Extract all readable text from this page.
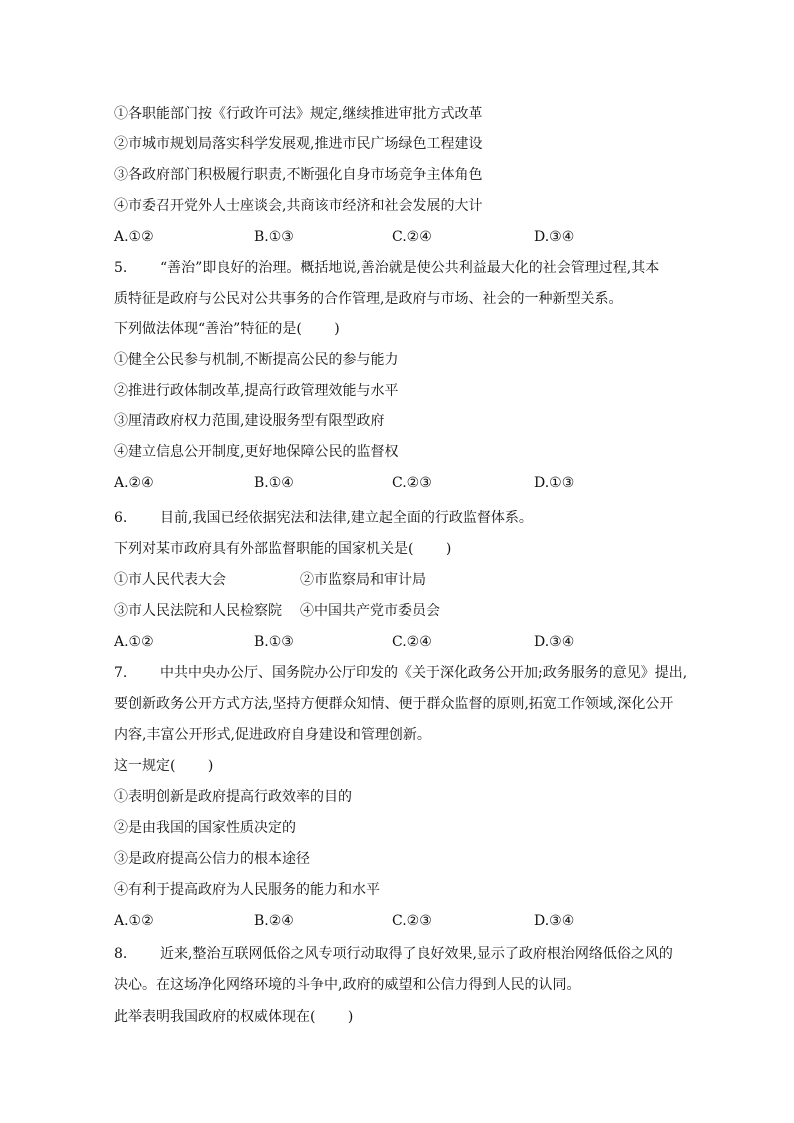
①各职能部门按《行政许可法》规定,继续推进审批方式改革
②市城市规划局落实科学发展观,推进市民广场绿色工程建设
③各政府部门积极履行职责,不断强化自身市场竞争主体角色
④市委召开党外人士座谈会,共商该市经济和社会发展的大计
A.①②	B.①③	C.②④	D.③④
5. “善治”即良好的治理。概括地说,善治就是使公共利益最大化的社会管理过程,其本
质特征是政府与公民对公共事务的合作管理,是政府与市场、社会的一种新型关系。
下列做法体现“善治”特征的是(　　 )
①健全公民参与机制,不断提高公民的参与能力
②推进行政体制改革,提高行政管理效能与水平
③厘清政府权力范围,建设服务型有限型政府
④建立信息公开制度,更好地保障公民的监督权
A.②④	B.①④	C.②③	D.①③
6. 目前,我国已经依据宪法和法律,建立起全面的行政监督体系。
下列对某市政府具有外部监督职能的国家机关是(　　 )
①市人民代表大会	②市监察局和审计局
③市人民法院和人民检察院 ④中国共产党市委员会
A.①②	B.①③	C.②④	D.③④
7. 中共中央办公厅、国务院办公厅印发的《关于深化政务公开加;政务服务的意见》提出,
要创新政务公开方式方法,坚持方便群众知情、便于群众监督的原则,拓宽工作领域,深化公开
内容,丰富公开形式,促进政府自身建设和管理创新。
这一规定(　　 )
①表明创新是政府提高行政效率的目的
②是由我国的国家性质决定的
③是政府提高公信力的根本途径
④有利于提高政府为人民服务的能力和水平
A.①②	B.②④	C.②③	D.③④
8. 近来,整治互联网低俗之风专项行动取得了良好效果,显示了政府根治网络低俗之风的
决心。在这场净化网络环境的斗争中,政府的威望和公信力得到人民的认同。
此举表明我国政府的权威体现在(　　 )
